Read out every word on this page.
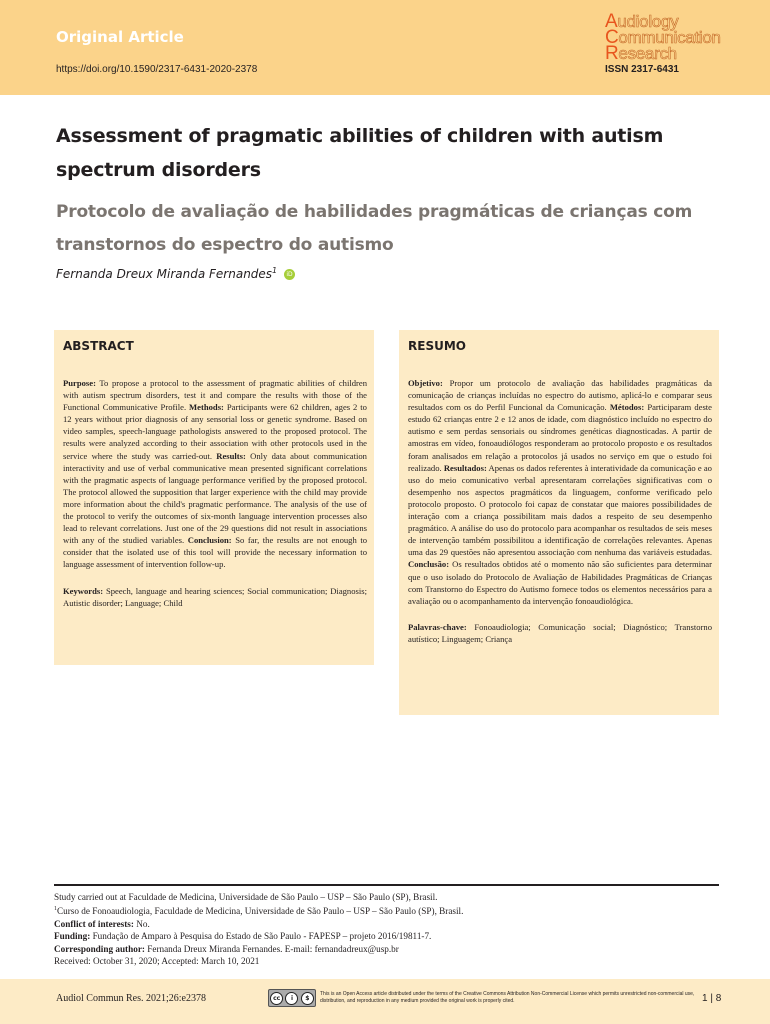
Original Article
https://doi.org/10.1590/2317-6431-2020-2378
Audiology
Communication
Research
ISSN 2317-6431
Assessment of pragmatic abilities of children with autism
spectrum disorders
Protocolo de avaliação de habilidades pragmáticas de crianças com
transtornos do espectro do autismo
Fernanda Dreux Miranda Fernandes$^1$ iD
ABSTRACT

Purpose: To propose a protocol to the assessment of pragmatic abilities of children with autism spectrum disorders, test it and compare the results with those of the Functional Communicative Profile. Methods: Participants were 62 children, ages 2 to 12 years without prior diagnosis of any sensorial loss or genetic syndrome. Based on video samples, speech-language pathologists answered to the proposed protocol. The results were analyzed according to their association with other protocols used in the service where the study was carried-out. Results: Only data about communication interactivity and use of verbal communicative mean presented significant correlations with the pragmatic aspects of language performance verified by the proposed protocol. The protocol allowed the supposition that larger experience with the child may provide more information about the child's pragmatic performance. The analysis of the use of the protocol to verify the outcomes of six-month language intervention processes also lead to relevant correlations. Just one of the 29 questions did not result in associations with any of the studied variables. Conclusion: So far, the results are not enough to consider that the isolated use of this tool will provide the necessary information to language assessment of intervention follow-up.

Keywords: Speech, language and hearing sciences; Social communication; Diagnosis; Autistic disorder; Language; Child

RESUMO

Objetivo: Propor um protocolo de avaliação das habilidades pragmáticas da comunicação de crianças incluídas no espectro do autismo, aplicá-lo e comparar seus resultados com os do Perfil Funcional da Comunicação. Métodos: Participaram deste estudo 62 crianças entre 2 e 12 anos de idade, com diagnóstico incluído no espectro do autismo e sem perdas sensoriais ou síndromes genéticas diagnosticadas. A partir de amostras em vídeo, fonoaudiólogos responderam ao protocolo proposto e os resultados foram analisados em relação a protocolos já usados no serviço em que o estudo foi realizado. Resultados: Apenas os dados referentes à interatividade da comunicação e ao uso do meio comunicativo verbal apresentaram correlações significativas com o desempenho nos aspectos pragmáticos da linguagem, conforme verificado pelo protocolo proposto. O protocolo foi capaz de constatar que maiores possibilidades de interação com a criança possibilitam mais dados a respeito de seu desempenho pragmático. A análise do uso do protocolo para acompanhar os resultados de seis meses de intervenção também possibilitou a identificação de correlações relevantes. Apenas uma das 29 questões não apresentou associação com nenhuma das variáveis estudadas. Conclusão: Os resultados obtidos até o momento não são suficientes para determinar que o uso isolado do Protocolo de Avaliação de Habilidades Pragmáticas de Crianças com Transtorno do Espectro do Autismo fornece todos os elementos necessários para a avaliação ou o acompanhamento da intervenção fonoaudiológica.

Palavras-chave: Fonoaudiologia; Comunicação social; Diagnóstico; Transtorno autístico; Linguagem; Criança

Study carried out at Faculdade de Medicina, Universidade de São Paulo – USP – São Paulo (SP), Brasil.
$^1$Curso de Fonoaudiologia, Faculdade de Medicina, Universidade de São Paulo – USP – São Paulo (SP), Brasil.
Conflict of interests: No.
Funding: Fundação de Amparo à Pesquisa do Estado de São Paulo - FAPESP – projeto 2016/19811-7.
Corresponding author: Fernanda Dreux Miranda Fernandes. E-mail: fernandadreux@usp.br
Received: October 31, 2020; Accepted: March 10, 2021
Audiol Commun Res. 2021;26:e2378	cc	i	$
This is an Open Access article distributed under the terms of the Creative Commons Attribution Non-Commercial License which permits unrestricted non-commercial use, distribution, and reproduction in any medium provided the original work is properly cited.	1 | 8
